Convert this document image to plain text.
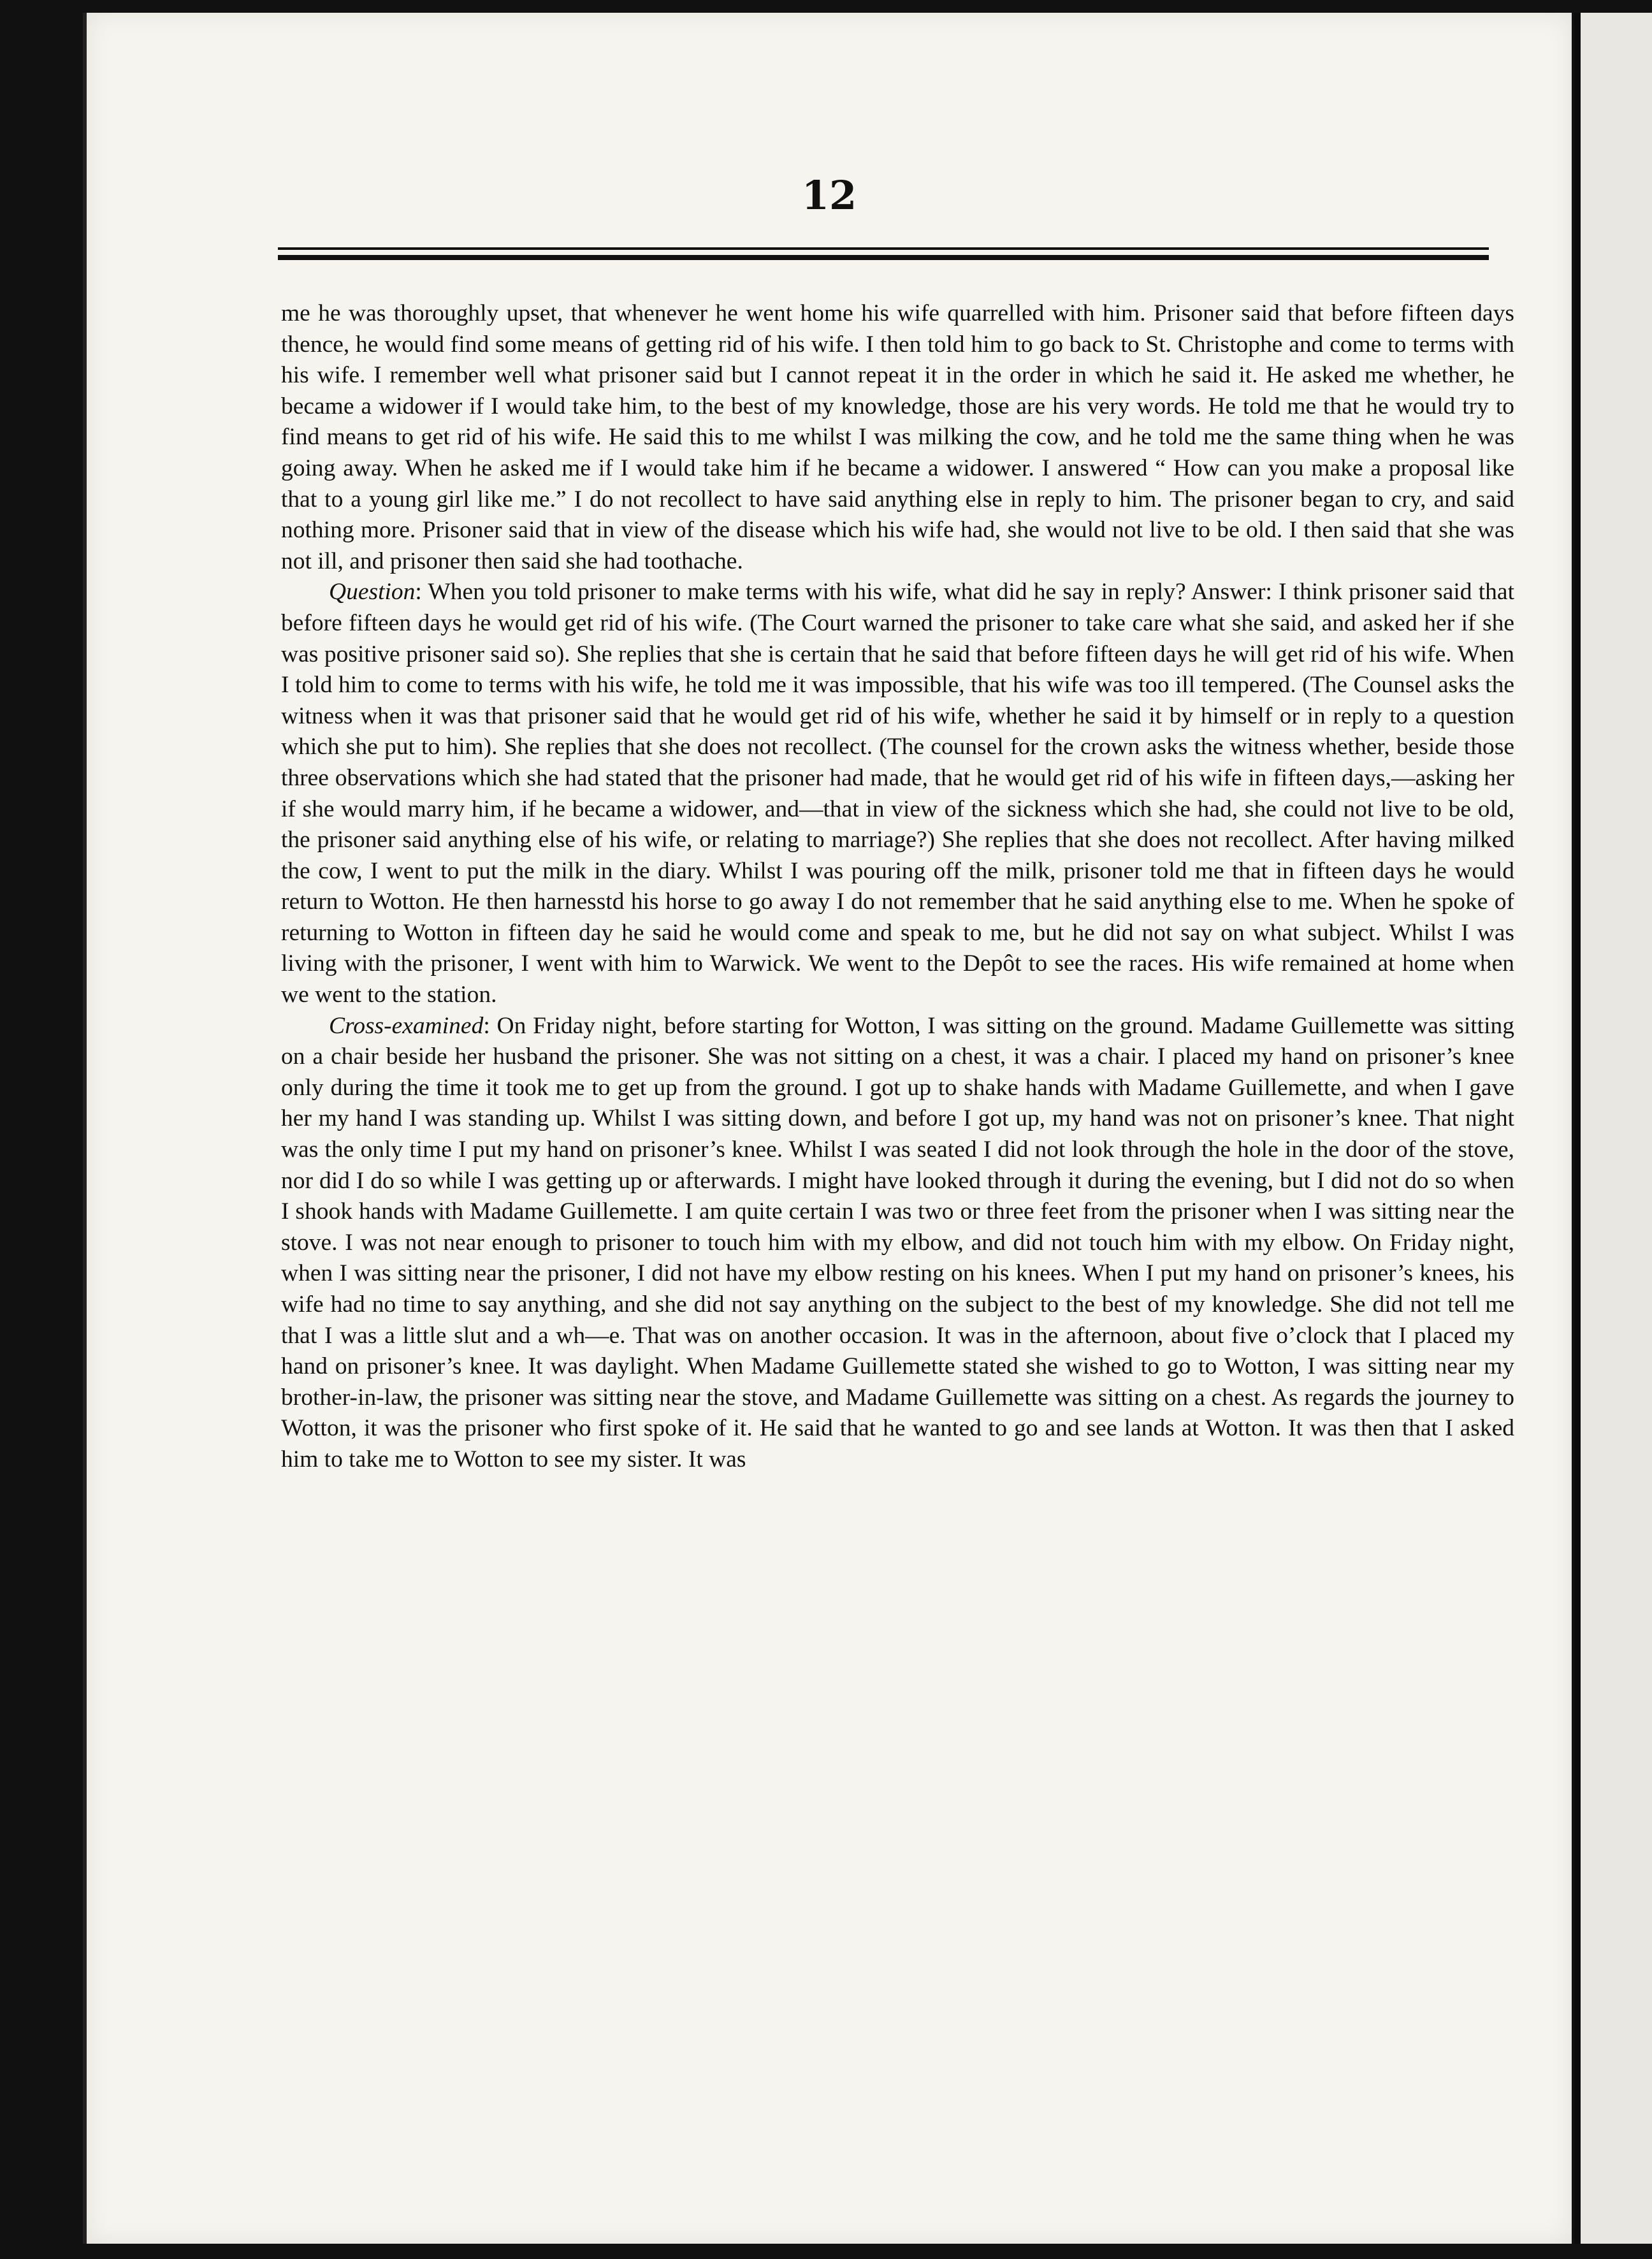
12

me he was thoroughly upset, that whenever he went home his wife quarrelled with him. Prisoner said that before fifteen days thence, he would find some means of getting rid of his wife. I then told him to go back to St. Christophe and come to terms with his wife. I remember well what prisoner said but I cannot repeat it in the order in which he said it. He asked me whether, he became a widower if I would take him, to the best of my knowledge, those are his very words. He told me that he would try to find means to get rid of his wife. He said this to me whilst I was milking the cow, and he told me the same thing when he was going away. When he asked me if I would take him if he became a widower. I answered “ How can you make a proposal like that to a young girl like me.” I do not recollect to have said anything else in reply to him. The prisoner began to cry, and said nothing more. Prisoner said that in view of the disease which his wife had, she would not live to be old. I then said that she was not ill, and prisoner then said she had toothache.

Question: When you told prisoner to make terms with his wife, what did he say in reply? Answer: I think prisoner said that before fifteen days he would get rid of his wife. (The Court warned the prisoner to take care what she said, and asked her if she was positive prisoner said so). She replies that she is certain that he said that before fifteen days he will get rid of his wife. When I told him to come to terms with his wife, he told me it was impossible, that his wife was too ill tempered. (The Counsel asks the witness when it was that prisoner said that he would get rid of his wife, whether he said it by himself or in reply to a question which she put to him). She replies that she does not recollect. (The counsel for the crown asks the witness whether, beside those three observations which she had stated that the prisoner had made, that he would get rid of his wife in fifteen days,—asking her if she would marry him, if he became a widower, and—that in view of the sickness which she had, she could not live to be old, the prisoner said anything else of his wife, or relating to marriage?) She replies that she does not recollect. After having milked the cow, I went to put the milk in the diary. Whilst I was pouring off the milk, prisoner told me that in fifteen days he would return to Wotton. He then harnesstd his horse to go away I do not remember that he said anything else to me. When he spoke of returning to Wotton in fifteen day he said he would come and speak to me, but he did not say on what subject. Whilst I was living with the prisoner, I went with him to Warwick. We went to the Depôt to see the races. His wife remained at home when we went to the station.

Cross-examined: On Friday night, before starting for Wotton, I was sitting on the ground. Madame Guillemette was sitting on a chair beside her husband the prisoner. She was not sitting on a chest, it was a chair. I placed my hand on prisoner’s knee only during the time it took me to get up from the ground. I got up to shake hands with Madame Guillemette, and when I gave her my hand I was standing up. Whilst I was sitting down, and before I got up, my hand was not on prisoner’s knee. That night was the only time I put my hand on prisoner’s knee. Whilst I was seated I did not look through the hole in the door of the stove, nor did I do so while I was getting up or afterwards. I might have looked through it during the evening, but I did not do so when I shook hands with Madame Guillemette. I am quite certain I was two or three feet from the prisoner when I was sitting near the stove. I was not near enough to prisoner to touch him with my elbow, and did not touch him with my elbow. On Friday night, when I was sitting near the prisoner, I did not have my elbow resting on his knees. When I put my hand on prisoner’s knees, his wife had no time to say anything, and she did not say anything on the subject to the best of my knowledge. She did not tell me that I was a little slut and a wh—e. That was on another occasion. It was in the afternoon, about five o’clock that I placed my hand on prisoner’s knee. It was daylight. When Madame Guillemette stated she wished to go to Wotton, I was sitting near my brother-in-law, the prisoner was sitting near the stove, and Madame Guillemette was sitting on a chest. As regards the journey to Wotton, it was the prisoner who first spoke of it. He said that he wanted to go and see lands at Wotton. It was then that I asked him to take me to Wotton to see my sister. It was
